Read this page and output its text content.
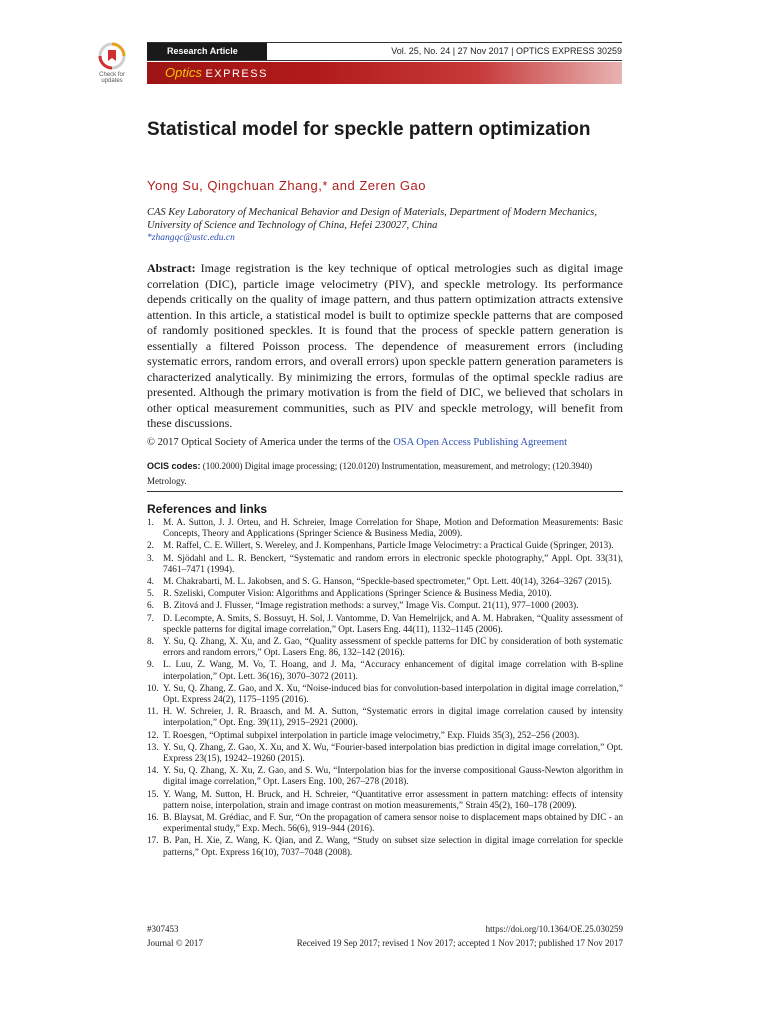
Check for updates
Research Article	Vol. 25, No. 24 | 27 Nov 2017 | OPTICS EXPRESS 30259
Optics EXPRESS
Statistical model for speckle pattern optimization
Yong Su, Qingchuan Zhang,* and Zeren Gao
CAS Key Laboratory of Mechanical Behavior and Design of Materials, Department of Modern Mechanics, University of Science and Technology of China, Hefei 230027, China
*zhangqc@ustc.edu.cn

Abstract: Image registration is the key technique of optical metrologies such as digital image correlation (DIC), particle image velocimetry (PIV), and speckle metrology. Its performance depends critically on the quality of image pattern, and thus pattern optimization attracts extensive attention. In this article, a statistical model is built to optimize speckle patterns that are composed of randomly positioned speckles. It is found that the process of speckle pattern generation is essentially a filtered Poisson process. The dependence of measurement errors (including systematic errors, random errors, and overall errors) upon speckle pattern generation parameters is characterized analytically. By minimizing the errors, formulas of the optimal speckle radius are presented. Although the primary motivation is from the field of DIC, we believed that scholars in other optical measurement communities, such as PIV and speckle metrology, will benefit from these discussions.

© 2017 Optical Society of America under the terms of the OSA Open Access Publishing Agreement
OCIS codes: (100.2000) Digital image processing; (120.0120) Instrumentation, measurement, and metrology; (120.3940) Metrology.
References and links
1. M. A. Sutton, J. J. Orteu, and H. Schreier, Image Correlation for Shape, Motion and Deformation Measurements: Basic Concepts, Theory and Applications (Springer Science & Business Media, 2009).
2. M. Raffel, C. E. Willert, S. Wereley, and J. Kompenhans, Particle Image Velocimetry: a Practical Guide (Springer, 2013).
3. M. Sjödahl and L. R. Benckert, “Systematic and random errors in electronic speckle photography,” Appl. Opt. 33(31), 7461–7471 (1994).
4. M. Chakrabarti, M. L. Jakobsen, and S. G. Hanson, “Speckle-based spectrometer,” Opt. Lett. 40(14), 3264–3267 (2015).
5. R. Szeliski, Computer Vision: Algorithms and Applications (Springer Science & Business Media, 2010).
6. B. Zitová and J. Flusser, “Image registration methods: a survey,” Image Vis. Comput. 21(11), 977–1000 (2003).
7. D. Lecompte, A. Smits, S. Bossuyt, H. Sol, J. Vantomme, D. Van Hemelrijck, and A. M. Habraken, “Quality assessment of speckle patterns for digital image correlation,” Opt. Lasers Eng. 44(11), 1132–1145 (2006).
8. Y. Su, Q. Zhang, X. Xu, and Z. Gao, “Quality assessment of speckle patterns for DIC by consideration of both systematic errors and random errors,” Opt. Lasers Eng. 86, 132–142 (2016).
9. L. Luu, Z. Wang, M. Vo, T. Hoang, and J. Ma, “Accuracy enhancement of digital image correlation with B-spline interpolation,” Opt. Lett. 36(16), 3070–3072 (2011).
10. Y. Su, Q. Zhang, Z. Gao, and X. Xu, “Noise-induced bias for convolution-based interpolation in digital image correlation,” Opt. Express 24(2), 1175–1195 (2016).
11. H. W. Schreier, J. R. Braasch, and M. A. Sutton, “Systematic errors in digital image correlation caused by intensity interpolation,” Opt. Eng. 39(11), 2915–2921 (2000).
12. T. Roesgen, “Optimal subpixel interpolation in particle image velocimetry,” Exp. Fluids 35(3), 252–256 (2003).
13. Y. Su, Q. Zhang, Z. Gao, X. Xu, and X. Wu, “Fourier-based interpolation bias prediction in digital image correlation,” Opt. Express 23(15), 19242–19260 (2015).
14. Y. Su, Q. Zhang, X. Xu, Z. Gao, and S. Wu, “Interpolation bias for the inverse compositional Gauss-Newton algorithm in digital image correlation,” Opt. Lasers Eng. 100, 267–278 (2018).
15. Y. Wang, M. Sutton, H. Bruck, and H. Schreier, “Quantitative error assessment in pattern matching: effects of intensity pattern noise, interpolation, strain and image contrast on motion measurements,” Strain 45(2), 160–178 (2009).
16. B. Blaysat, M. Grédiac, and F. Sur, “On the propagation of camera sensor noise to displacement maps obtained by DIC - an experimental study,” Exp. Mech. 56(6), 919–944 (2016).
17. B. Pan, H. Xie, Z. Wang, K. Qian, and Z. Wang, “Study on subset size selection in digital image correlation for speckle patterns,” Opt. Express 16(10), 7037–7048 (2008).
#307453	https://doi.org/10.1364/OE.25.030259
Journal © 2017	Received 19 Sep 2017; revised 1 Nov 2017; accepted 1 Nov 2017; published 17 Nov 2017
